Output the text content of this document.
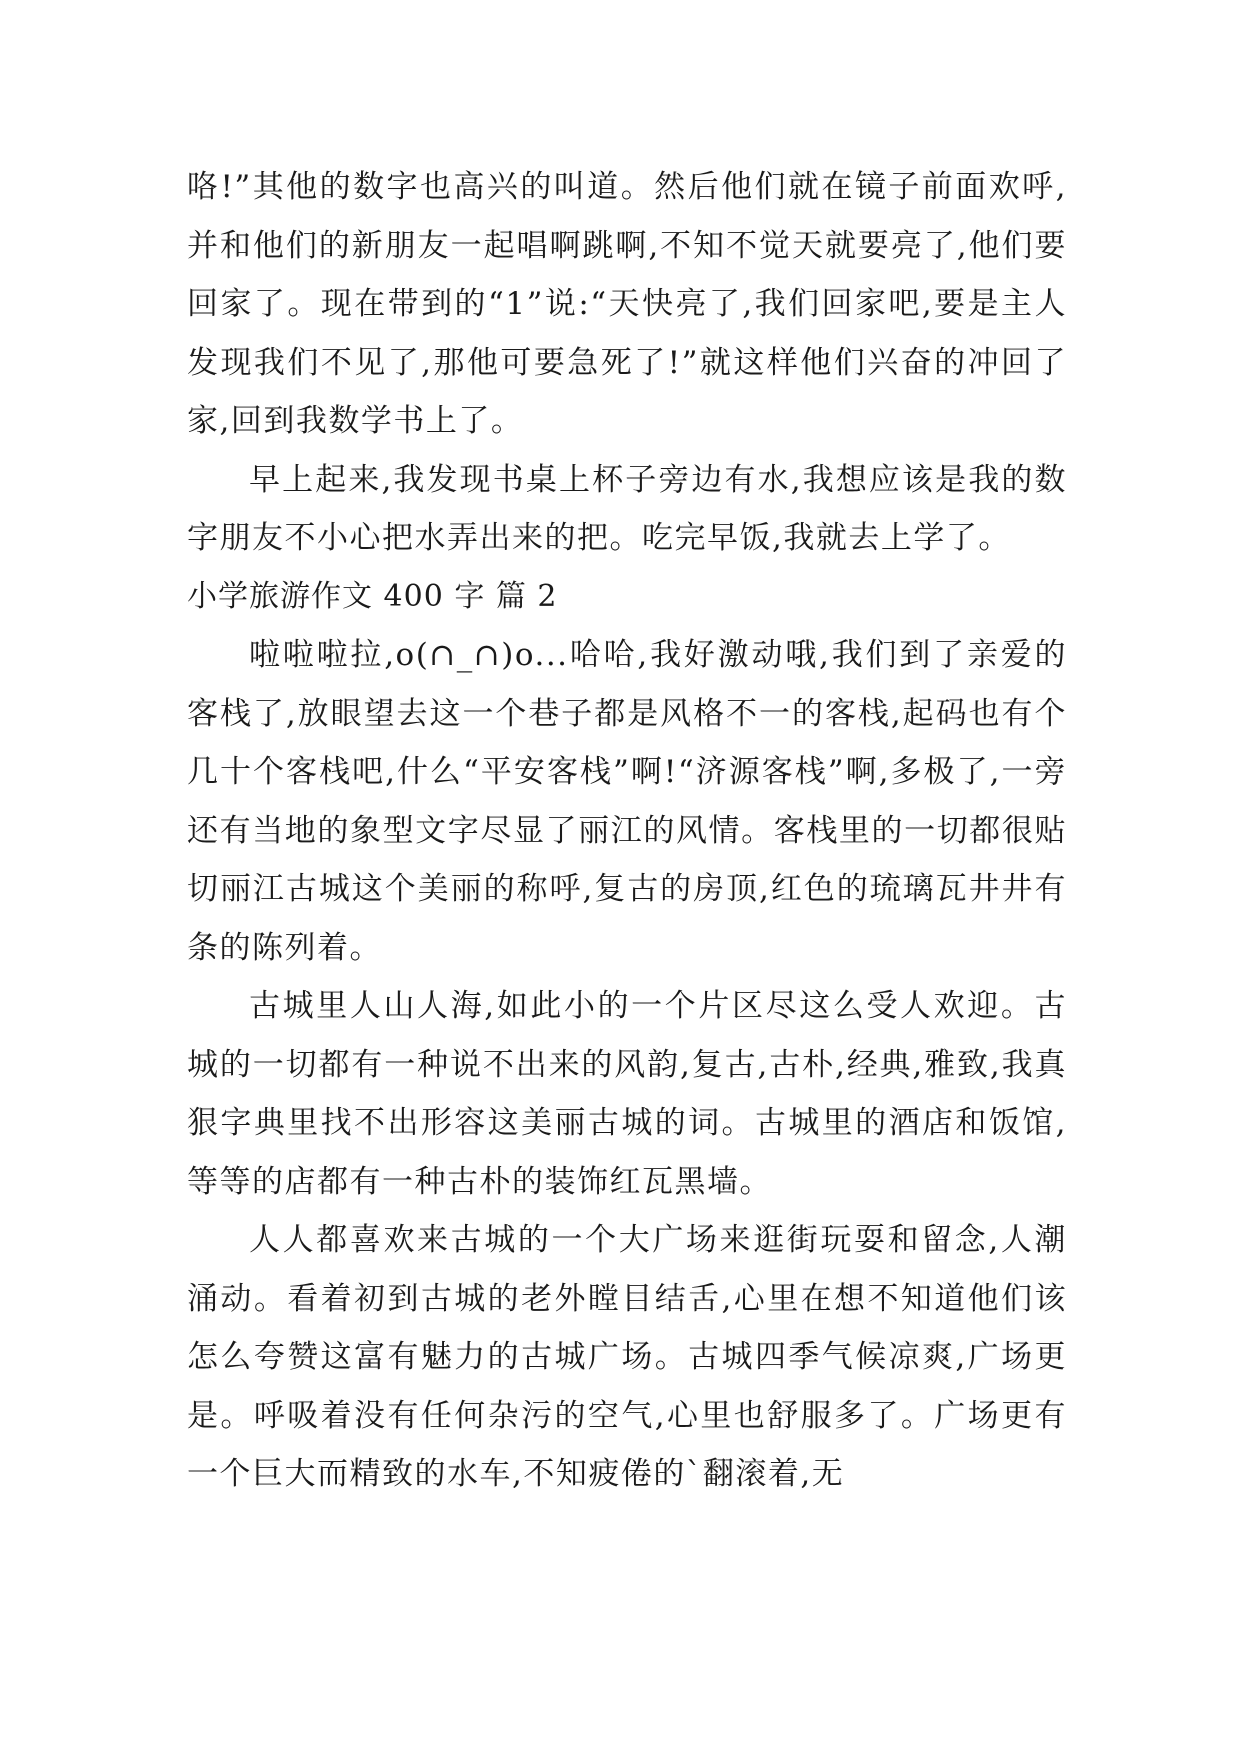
咯!”其他的数字也高兴的叫道。然后他们就在镜子前面欢呼,并和他们的新朋友一起唱啊跳啊,不知不觉天就要亮了,他们要回家了。现在带到的“1”说:“天快亮了,我们回家吧,要是主人发现我们不见了,那他可要急死了!”就这样他们兴奋的冲回了家,回到我数学书上了。

早上起来,我发现书桌上杯子旁边有水,我想应该是我的数字朋友不小心把水弄出来的把。吃完早饭,我就去上学了。

小学旅游作文 400 字 篇 2

啦啦啦拉,o(∩_∩)o...哈哈,我好激动哦,我们到了亲爱的客栈了,放眼望去这一个巷子都是风格不一的客栈,起码也有个几十个客栈吧,什么“平安客栈”啊!“济源客栈”啊,多极了,一旁还有当地的象型文字尽显了丽江的风情。客栈里的一切都很贴切丽江古城这个美丽的称呼,复古的房顶,红色的琉璃瓦井井有条的陈列着。

古城里人山人海,如此小的一个片区尽这么受人欢迎。古城的一切都有一种说不出来的风韵,复古,古朴,经典,雅致,我真狠字典里找不出形容这美丽古城的词。古城里的酒店和饭馆,等等的店都有一种古朴的装饰红瓦黑墙。

人人都喜欢来古城的一个大广场来逛街玩耍和留念,人潮涌动。看着初到古城的老外瞠目结舌,心里在想不知道他们该怎么夸赞这富有魅力的古城广场。古城四季气候凉爽,广场更是。呼吸着没有任何杂污的空气,心里也舒服多了。广场更有一个巨大而精致的水车,不知疲倦的`翻滚着,无
